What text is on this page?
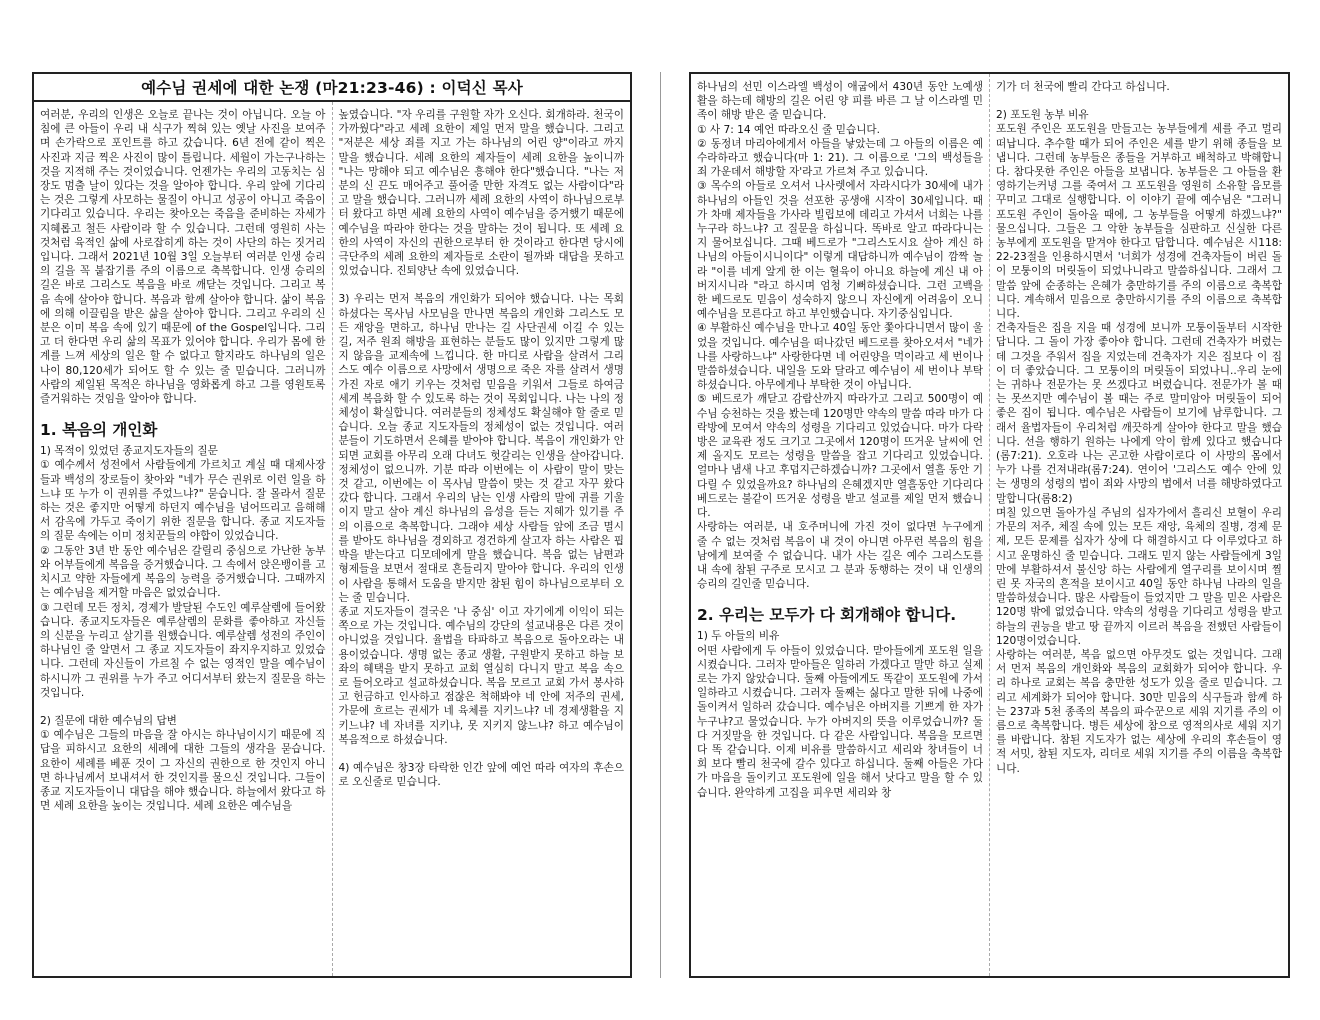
예수님 권세에 대한 논쟁 (마21:23-46) : 이덕신 목사

여러분, 우리의 인생은 오늘로 끝나는 것이 아닙니다. 오늘 아침에 큰 아들이 우리 내 식구가 찍혀 있는 옛날 사진을 보여주며 손가락으로 포인트를 하고 갔습니다. 6년 전에 같이 찍은 사진과 지금 찍은 사진이 많이 틀립니다. 세월이 가는구나하는 것을 지적해 주는 것이었습니다. 언젠가는 우리의 고동치는 심장도 멈출 날이 있다는 것을 알아야 합니다. 우리 앞에 기다리는 것은 그렇게 사모하는 물질이 아니고 성공이 아니고 죽음이 기다리고 있습니다. 우리는 찾아오는 죽음을 준비하는 자세가 지혜롭고 철든 사람이라 할 수 있습니다. 그런데 영원히 사는 것처럼 육적인 삶에 사로잡히게 하는 것이 사단의 하는 짓거리입니다. 그래서 2021년 10월 3일 오늘부터 여러분 인생 승리의 길을 꼭 붙잡기를 주의 이름으로 축복합니다. 인생 승리의 길은 바로 그리스도 복음을 바로 깨닫는 것입니다. 그리고 복음 속에 살아야 합니다. 복음과 함께 살아야 합니다. 삶이 복음에 의해 이끌림을 받은 삶을 살아야 합니다. 그리고 우리의 신분은 이미 복음 속에 있기 때문에 of the Gospel입니다. 그리고 더 한다면 우리 삶의 목표가 있어야 합니다. 우리가 몸에 한계를 느껴 세상의 일은 할 수 없다고 할지라도 하나님의 일은 나이 80,120세가 되어도 할 수 있는 줄 믿습니다. 그러니까 사람의 제일된 목적은 하나님을 영화롭게 하고 그를 영원토록 즐거워하는 것임을 알아야 합니다.

1. 복음의 개인화
1) 목적이 있었던 종교지도자들의 질문

① 예수께서 성전에서 사람들에게 가르치고 계실 때 대제사장들과 백성의 장로들이 찾아와 "네가 무슨 권위로 이런 일을 하느냐 또 누가 이 권위를 주었느냐?" 묻습니다. 잘 몰라서 질문하는 것은 좋지만 어떻게 하던지 예수님을 넘어뜨리고 음해해서 감옥에 가두고 죽이기 위한 질문을 합니다. 종교 지도자들의 질문 속에는 이미 정치꾼들의 야합이 있었습니다.

② 그동안 3년 반 동안 예수님은 갈릴리 중심으로 가난한 농부와 어부들에게 복음을 증거했습니다. 그 속에서 앉은뱅이를 고치시고 약한 자들에게 복음의 능력을 증거했습니다. 그때까지는 예수님을 제거할 마음은 없었습니다.

③ 그런데 모든 정치, 경제가 발달된 수도인 예루살렘에 들어왔습니다. 종교지도자들은 예루살렘의 문화를 좋아하고 자신들의 신분을 누리고 살기를 원했습니다. 예루살렘 성전의 주인이 하나님인 줄 알면서 그 종교 지도자들이 좌지우지하고 있었습니다. 그런데 자신들이 가르칠 수 없는 영적인 말을 예수님이 하시니까 그 권위를 누가 주고 어디서부터 왔는지 질문을 하는 것입니다.

2) 질문에 대한 예수님의 답변

① 예수님은 그들의 마음을 잘 아시는 하나님이시기 때문에 직답을 피하시고 요한의 세례에 대한 그들의 생각을 묻습니다. 요한이 세례를 베푼 것이 그 자신의 권한으로 한 것인지 아니면 하나님께서 보내셔서 한 것인지를 물으신 것입니다. 그들이 종교 지도자들이니 대답을 해야 했습니다. 하늘에서 왔다고 하면 세례 요한을 높이는 것입니다. 세례 요한은 예수님을

높였습니다. "자 우리를 구원할 자가 오신다. 회개하라. 천국이 가까웠다"라고 세례 요한이 제일 먼저 말을 했습니다. 그리고 "저분은 세상 죄를 지고 가는 하나님의 어린 양"이라고 까지 말을 했습니다. 세례 요한의 제자들이 세례 요한을 높이니까 "나는 망해야 되고 예수님은 흥해야 한다"했습니다. "나는 저분의 신 끈도 매어주고 풀어줄 만한 자격도 없는 사람이다"라고 말을 했습니다. 그러니까 세례 요한의 사역이 하나님으로부터 왔다고 하면 세례 요한의 사역이 예수님을 증거했기 때문에 예수님을 따라야 한다는 것을 말하는 것이 됩니다. 또 세례 요한의 사역이 자신의 권한으로부터 한 것이라고 한다면 당시에 극단주의 세례 요한의 제자들로 소란이 될까봐 대답을 못하고 있었습니다. 진퇴양난 속에 있었습니다.

3) 우리는 먼저 복음의 개인화가 되어야 했습니다. 나는 목회하셨다는 목사님 사모님을 만나면 복음의 개인화 그리스도 모든 재앙을 면하고, 하나님 만나는 길 사단권세 이길 수 있는 길, 저주 원죄 해방을 표현하는 분들도 많이 있지만 그렇게 많지 않음을 교제속에 느낍니다. 한 마디로 사람을 살려서 그리스도 예수 이름으로 사망에서 생명으로 죽은 자를 살려서 생명 가진 자로 애기 키우는 것처럼 믿음을 키워서 그들로 하여금 세계 복음화 할 수 있도록 하는 것이 목회입니다. 나는 나의 정체성이 확실합니다. 여러분들의 정체성도 확실해야 할 줄로 믿습니다. 오늘 종교 지도자들의 정체성이 없는 것입니다. 여러분들이 기도하면서 은혜를 받아야 합니다. 복음이 개인화가 안 되면 교회를 아무리 오래 다녀도 헛갈리는 인생을 살아갑니다. 정체성이 없으니까. 기분 따라 이번에는 이 사람이 말이 맞는 것 같고, 이번에는 이 목사님 말씀이 맞는 것 같고 자꾸 왔다 갔다 합니다. 그래서 우리의 남는 인생 사람의 말에 귀를 기울이지 말고 살아 계신 하나님의 음성을 듣는 지혜가 있기를 주의 이름으로 축복합니다. 그래야 세상 사람들 앞에 조금 멸시를 받아도 하나님을 경외하고 경건하게 살고자 하는 사람은 핍박을 받는다고 디모데에게 말을 했습니다. 복음 없는 남편과 형제들을 보면서 절대로 흔들리지 말아야 합니다. 우리의 인생이 사람을 통해서 도움을 받지만 참된 힘이 하나님으로부터 오는 줄 믿습니다.

종교 지도자들이 결국은 '나 중심' 이고 자기에게 이익이 되는 쪽으로 가는 것입니다. 예수님의 강단의 설교내용은 다른 것이 아니었을 것입니다. 율법을 타파하고 복음으로 돌아오라는 내용이었습니다. 생명 없는 종교 생활, 구원받지 못하고 하늘 보좌의 혜택을 받지 못하고 교회 열심히 다니지 말고 복음 속으로 들어오라고 설교하셨습니다. 복음 모르고 교회 가서 봉사하고 헌금하고 인사하고 점잖은 척해봐야 네 안에 저주의 권세, 가문에 흐르는 권세가 네 육체를 지키느냐? 네 경제생활을 지키느냐? 네 자녀를 지키냐, 못 지키지 않느냐? 하고 예수님이 복음적으로 하셨습니다.

4) 예수님은 창3장 타락한 인간 앞에 예언 따라 여자의 후손으로 오신줄로 믿습니다.

하나님의 선민 이스라엘 백성이 애굽에서 430년 동안 노예생활을 하는데 해방의 길은 어린 양 피를 바른 그 날 이스라엘 민족이 해방 받은 줄 믿습니다.

① 사 7: 14 예언 따라오신 줄 믿습니다.

② 동정녀 마리아에게서 아들을 낳았는데 그 아들의 이름은 예수라하라고 했습니다(마 1: 21). 그 이름으로 '그의 백성들을 죄 가운데서 해방할 자'라고 가르쳐 주고 있습니다.

③ 목수의 아들로 오셔서 나사렛에서 자라시다가 30세에 내가 하나님의 아들인 것을 선포한 공생애 시작이 30세입니다. 때가 차매 제자들을 가사라 빌립보에 데리고 가셔서 너희는 나를 누구라 하느냐? 고 질문을 하십니다. 똑바로 알고 따라다니는지 물어보십니다. 그때 베드로가 "그리스도시요 살아 계신 하나님의 아들이시니이다" 이렇게 대답하니까 예수님이 깜짝 놀라 "이를 네게 알게 한 이는 혈육이 아니요 하늘에 계신 내 아버지시니라 "라고 하시며 엄청 기뻐하셨습니다. 그런 고백을 한 베드로도 믿음이 성숙하지 않으니 자신에게 어려움이 오니 예수님을 모른다고 하고 부인했습니다. 자기중심입니다.

④ 부활하신 예수님을 만나고 40일 동안 쫓아다니면서 많이 울었을 것입니다. 예수님을 떠나갔던 베드로를 찾아오셔서 "네가 나를 사랑하느냐" 사랑한다면 네 어린양을 먹이라고 세 번이나 말씀하셨습니다. 내일을 도와 달라고 예수님이 세 번이나 부탁하셨습니다. 아무에게나 부탁한 것이 아닙니다.

⑤ 베드로가 깨닫고 감람산까지 따라가고 그리고 500명이 예수님 승천하는 것을 봤는데 120명만 약속의 말씀 따라 마가 다락방에 모여서 약속의 성령을 기다리고 있었습니다. 마가 다락방은 교육관 정도 크기고 그곳에서 120명이 뜨거운 날씨에 언제 올지도 모르는 성령을 말씀을 잡고 기다리고 있었습니다. 얼마나 냄새 나고 후덥지근하겠습니까? 그곳에서 열흘 동안 기다릴 수 있었을까요? 하나님의 은혜겠지만 열흘동안 기다리다 베드로는 불같이 뜨거운 성령을 받고 설교를 제일 먼저 했습니다.

사랑하는 여러분, 내 호주머니에 가진 것이 없다면 누구에게 줄 수 없는 것처럼 복음이 내 것이 아니면 아무런 복음의 힘을 남에게 보여줄 수 없습니다. 내가 사는 길은 예수 그리스도를 내 속에 참된 구주로 모시고 그 분과 동행하는 것이 내 인생의 승리의 길인줄 믿습니다.

2. 우리는 모두가 다 회개해야 합니다.
1) 두 아들의 비유

어떤 사람에게 두 아들이 있었습니다. 맏아들에게 포도원 일을 시켰습니다. 그러자 맏아들은 일하러 가겠다고 말만 하고 실제로는 가지 않았습니다. 둘째 아들에게도 똑같이 포도원에 가서 일하라고 시켰습니다. 그러자 둘째는 싫다고 말한 뒤에 나중에 돌이켜서 일하러 갔습니다. 예수님은 아버지를 기쁘게 한 자가 누구냐?고 물었습니다. 누가 아버지의 뜻을 이루었습니까? 둘 다 거짓말을 한 것입니다. 다 같은 사람입니다. 복음을 모르면 다 똑 같습니다. 이제 비유를 말씀하시고 세리와 창녀들이 너희 보다 빨리 천국에 갈수 있다고 하십니다. 둘째 아들은 가다가 마음을 돌이키고 포도원에 일을 해서 낫다고 말을 할 수 있습니다. 완악하게 고집을 피우면 세리와 창

기가 더 천국에 빨리 간다고 하십니다.

2) 포도원 농부 비유

포도원 주인은 포도원을 만들고는 농부들에게 세를 주고 멀리 떠납니다. 추수할 때가 되어 주인은 세를 받기 위해 종들을 보냅니다. 그런데 농부들은 종들을 거부하고 배척하고 박해합니다. 참다못한 주인은 아들을 보냅니다. 농부들은 그 아들을 환영하기는커녕 그를 죽여서 그 포도원을 영원히 소유할 음모를 꾸미고 그대로 실행합니다. 이 이야기 끝에 예수님은 "그러니 포도원 주인이 돌아올 때에, 그 농부들을 어떻게 하겠느냐?" 물으십니다. 그들은 그 악한 농부들을 심판하고 신실한 다른 농부에게 포도원을 맡겨야 한다고 답합니다. 예수님은 시118:22-23절을 인용하시면서 '너희가 성경에 건축자들이 버린 돌이 모퉁이의 머릿돌이 되었나니라고 말씀하십니다. 그래서 그 말씀 앞에 순종하는 은혜가 충만하기를 주의 이름으로 축복합니다. 계속해서 믿음으로 충만하시기를 주의 이름으로 축복합니다.

건축자들은 집을 지을 때 성경에 보니까 모퉁이돌부터 시작한답니다. 그 돌이 가장 좋아야 합니다. 그런데 건축자가 버렸는데 그것을 주워서 집을 지었는데 건축자가 지은 집보다 이 집이 더 좋았습니다. 그 모퉁이의 머릿돌이 되었나니..우리 눈에는 귀하나 전문가는 못 쓰겠다고 버렸습니다. 전문가가 볼 때는 못쓰지만 예수님이 볼 때는 주로 말미암아 머릿돌이 되어 좋은 집이 됩니다. 예수님은 사람들이 보기에 남루합니다. 그래서 율법자들이 우리처럼 깨끗하게 살아야 한다고 말을 했습니다. 선을 행하기 원하는 나에게 악이 함께 있다고 했습니다(롬7:21). 오호라 나는 곤고한 사람이로다 이 사망의 몸에서 누가 나를 건져내랴(롬7:24). 연이어 '그리스도 예수 안에 있는 생명의 성령의 법이 죄와 사망의 법에서 너를 해방하였다고 말합니다(롬8:2)

며칠 있으면 돌아가실 주님의 십자가에서 흘리신 보혈이 우리 가문의 저주, 체질 속에 있는 모든 재앙, 육체의 질병, 경제 문제, 모든 문제를 십자가 상에 다 해결하시고 다 이루었다고 하시고 운명하신 줄 믿습니다. 그래도 믿지 않는 사람들에게 3일 만에 부활하셔서 불신앙 하는 사람에게 열구리를 보이시며 찔린 못 자국의 흔적을 보이시고 40일 동안 하나님 나라의 일을 말씀하셨습니다. 많은 사람들이 들었지만 그 말을 믿은 사람은 120명 밖에 없었습니다. 약속의 성령을 기다리고 성령을 받고 하늘의 권능을 받고 땅 끝까지 이르러 복음을 전했던 사람들이 120명이었습니다.

사랑하는 여러분, 복음 없으면 아무것도 없는 것입니다. 그래서 먼저 복음의 개인화와 복음의 교회화가 되어야 합니다. 우리 하나로 교회는 복음 충만한 성도가 있을 줄로 믿습니다. 그리고 세계화가 되어야 합니다. 30만 믿음의 식구들과 함께 하는 237과 5천 종족의 복음의 파수꾼으로 세워 지기를 주의 이름으로 축복합니다. 병든 세상에 참으로 영적의사로 세워 지기를 바랍니다. 참된 지도자가 없는 세상에 우리의 후손들이 영적 서밋, 참된 지도자, 리더로 세워 지기를 주의 이름을 축복합니다.
